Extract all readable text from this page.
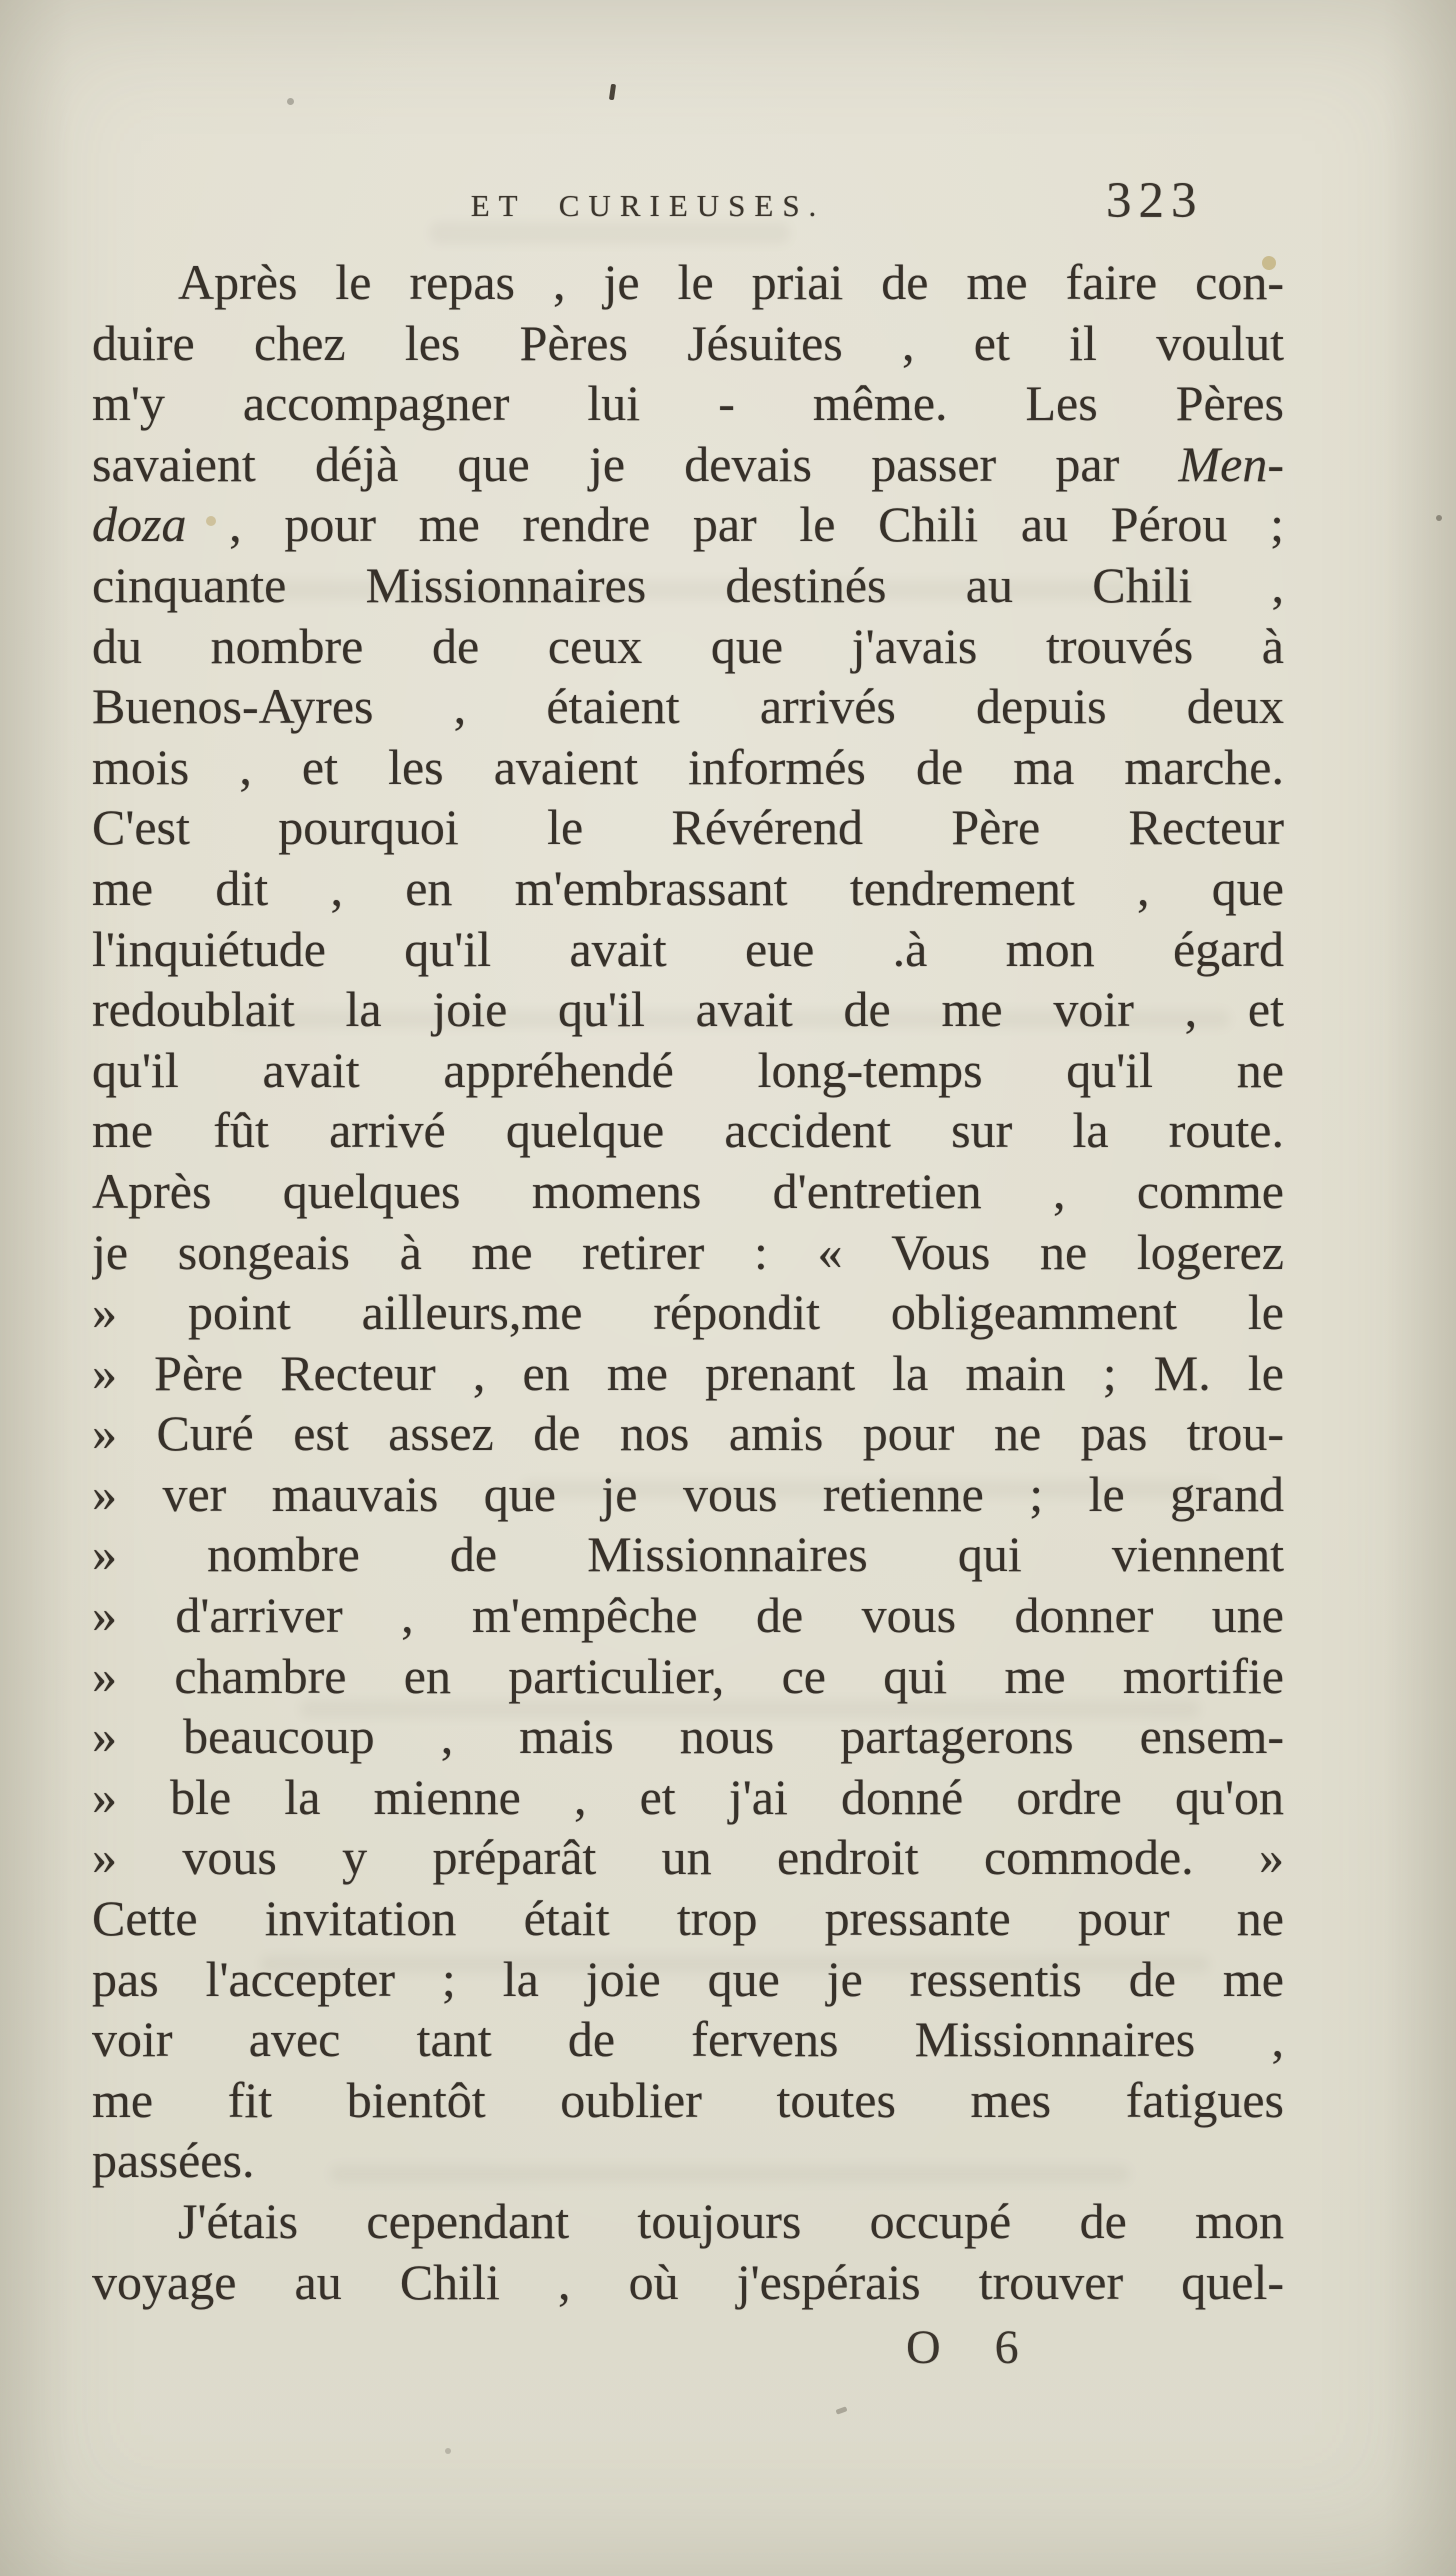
ET CURIEUSES.	323
Après le repas , je le priai de me faire con-
duire chez les Pères Jésuites , et il voulut
m'y accompagner lui - même. Les Pères
savaient déjà que je devais passer par Men-
doza , pour me rendre par le Chili au Pérou ;
cinquante Missionnaires destinés au Chili ,
du nombre de ceux que j'avais trouvés à
Buenos-Ayres , étaient arrivés depuis deux
mois , et les avaient informés de ma marche.
C'est pourquoi le Révérend Père Recteur
me dit , en m'embrassant tendrement , que
l'inquiétude qu'il avait eue .à mon égard
redoublait la joie qu'il avait de me voir , et
qu'il avait appréhendé long-temps qu'il ne
me fût arrivé quelque accident sur la route.
Après quelques momens d'entretien , comme
je songeais à me retirer : « Vous ne logerez
» point ailleurs,me répondit obligeamment le
» Père Recteur , en me prenant la main ; M. le
» Curé est assez de nos amis pour ne pas trou-
» ver mauvais que je vous retienne ; le grand
» nombre de Missionnaires qui viennent
» d'arriver , m'empêche de vous donner une
» chambre en particulier, ce qui me mortifie
» beaucoup , mais nous partagerons ensem-
» ble la mienne , et j'ai donné ordre qu'on
» vous y préparât un endroit commode. »
Cette invitation était trop pressante pour ne
pas l'accepter ; la joie que je ressentis de me
voir avec tant de fervens Missionnaires ,
me fit bientôt oublier toutes mes fatigues
passées.
J'étais cependant toujours occupé de mon
voyage au Chili , où j'espérais trouver quel-
O 6
